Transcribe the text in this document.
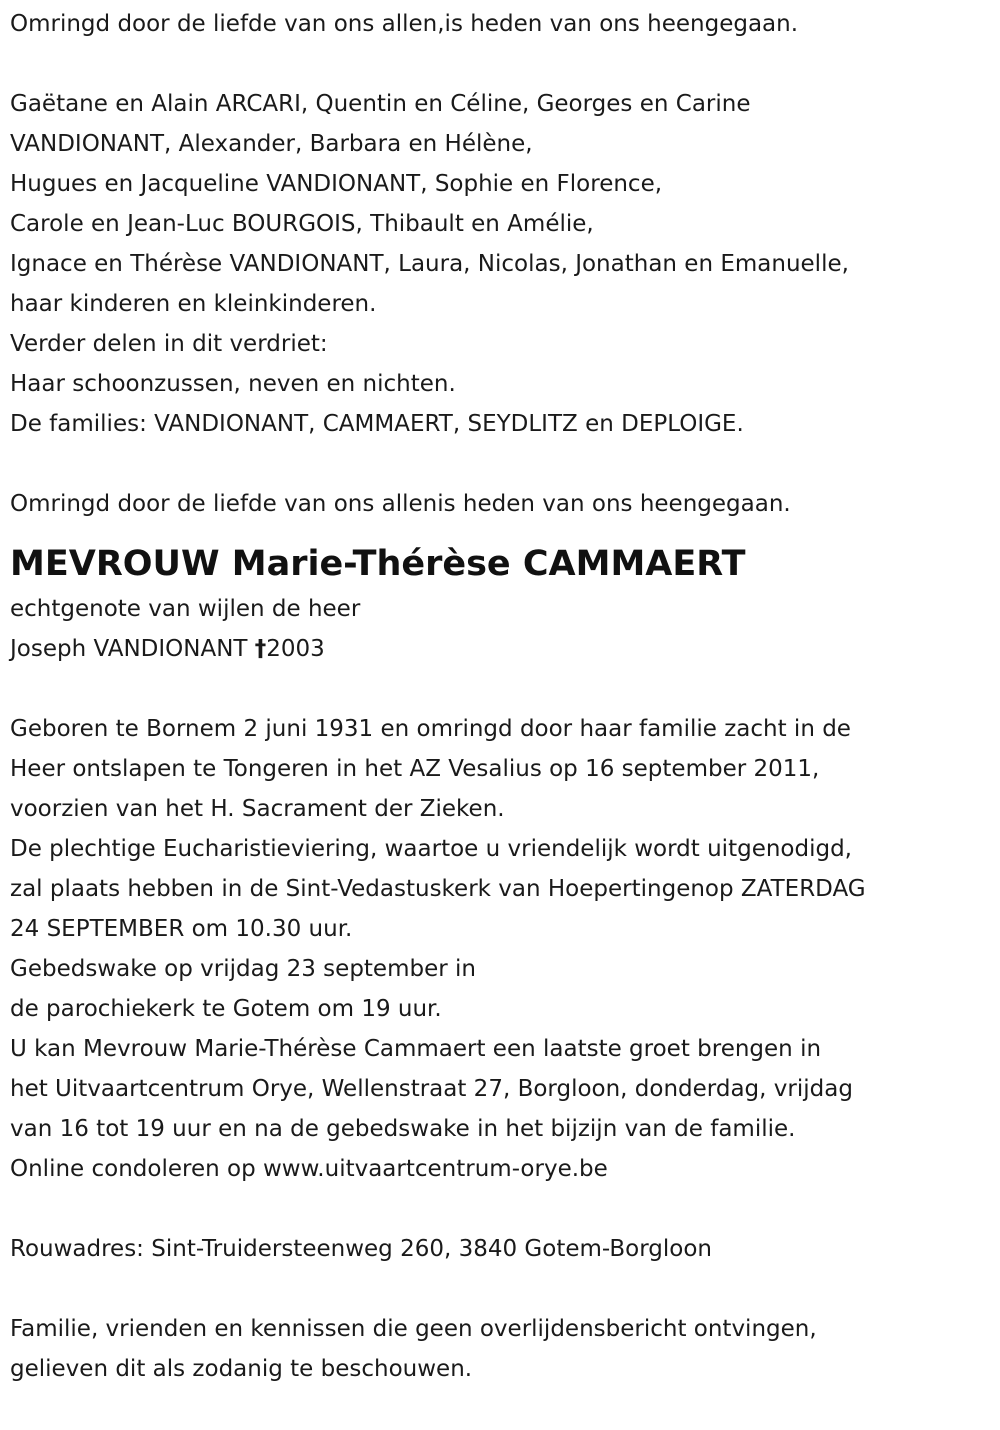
Omringd door de liefde van ons allen,is heden van ons heengegaan.
Gaëtane en Alain ARCARI, Quentin en Céline, Georges en Carine
VANDIONANT, Alexander, Barbara en Hélène,
Hugues en Jacqueline VANDIONANT, Sophie en Florence,
Carole en Jean-Luc BOURGOIS, Thibault en Amélie,
Ignace en Thérèse VANDIONANT, Laura, Nicolas, Jonathan en Emanuelle,
haar kinderen en kleinkinderen.
Verder delen in dit verdriet:
Haar schoonzussen, neven en nichten.
De families: VANDIONANT, CAMMAERT, SEYDLITZ en DEPLOIGE.
Omringd door de liefde van ons allenis heden van ons heengegaan.
MEVROUW Marie-Thérèse CAMMAERT
echtgenote van wijlen de heer
Joseph VANDIONANT †2003
Geboren te Bornem 2 juni 1931 en omringd door haar familie zacht in de
Heer ontslapen te Tongeren in het AZ Vesalius op 16 september 2011,
voorzien van het H. Sacrament der Zieken.
De plechtige Eucharistieviering, waartoe u vriendelijk wordt uitgenodigd,
zal plaats hebben in de Sint-Vedastuskerk van Hoepertingenop ZATERDAG
24 SEPTEMBER om 10.30 uur.
Gebedswake op vrijdag 23 september in
de parochiekerk te Gotem om 19 uur.
U kan Mevrouw Marie-Thérèse Cammaert een laatste groet brengen in
het Uitvaartcentrum Orye, Wellenstraat 27, Borgloon, donderdag, vrijdag
van 16 tot 19 uur en na de gebedswake in het bijzijn van de familie.
Online condoleren op www.uitvaartcentrum-orye.be
Rouwadres: Sint-Truidersteenweg 260, 3840 Gotem-Borgloon
Familie, vrienden en kennissen die geen overlijdensbericht ontvingen,
gelieven dit als zodanig te beschouwen.
